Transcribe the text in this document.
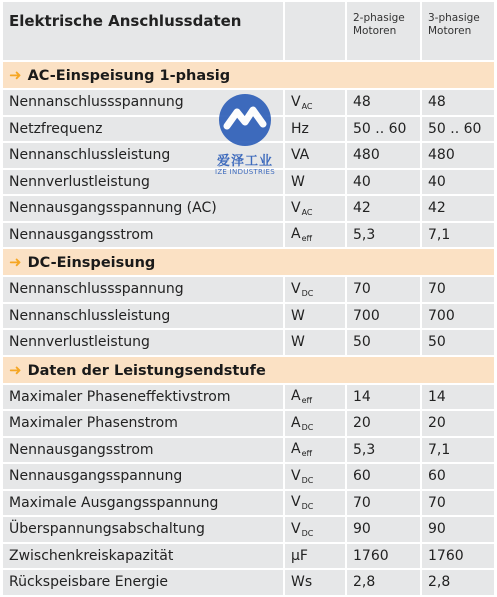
Elektrische Anschlussdaten		2-phasige Motoren	3-phasige Motoren
➜ AC-Einspeisung 1-phasig			
Nennanschlussspannung	$V_{AC}$	48	48
Netzfrequenz	Hz	50 .. 60	50 .. 60
Nennanschlussleistung	VA	480	480
Nennverlustleistung	W	40	40
Nennausgangsspannung (AC)	$V_{AC}$	42	42
Nennausgangsstrom	$A_{eff}$	5,3	7,1
➜ DC-Einspeisung			
Nennanschlussspannung	$V_{DC}$	70	70
Nennanschlussleistung	W	700	700
Nennverlustleistung	W	50	50
➜ Daten der Leistungsendstufe			
Maximaler Phaseneffektivstrom	$A_{eff}$	14	14
Maximaler Phasenstrom	$A_{DC}$	20	20
Nennausgangsstrom	$A_{eff}$	5,3	7,1
Nennausgangsspannung	$V_{DC}$	60	60
Maximale Ausgangsspannung	$V_{DC}$	70	70
Überspannungsabschaltung	$V_{DC}$	90	90
Zwischenkreiskapazität	µF	1760	1760
Rückspeisbare Energie	Ws	2,8	2,8
爱泽工业
IZE INDUSTRIES
